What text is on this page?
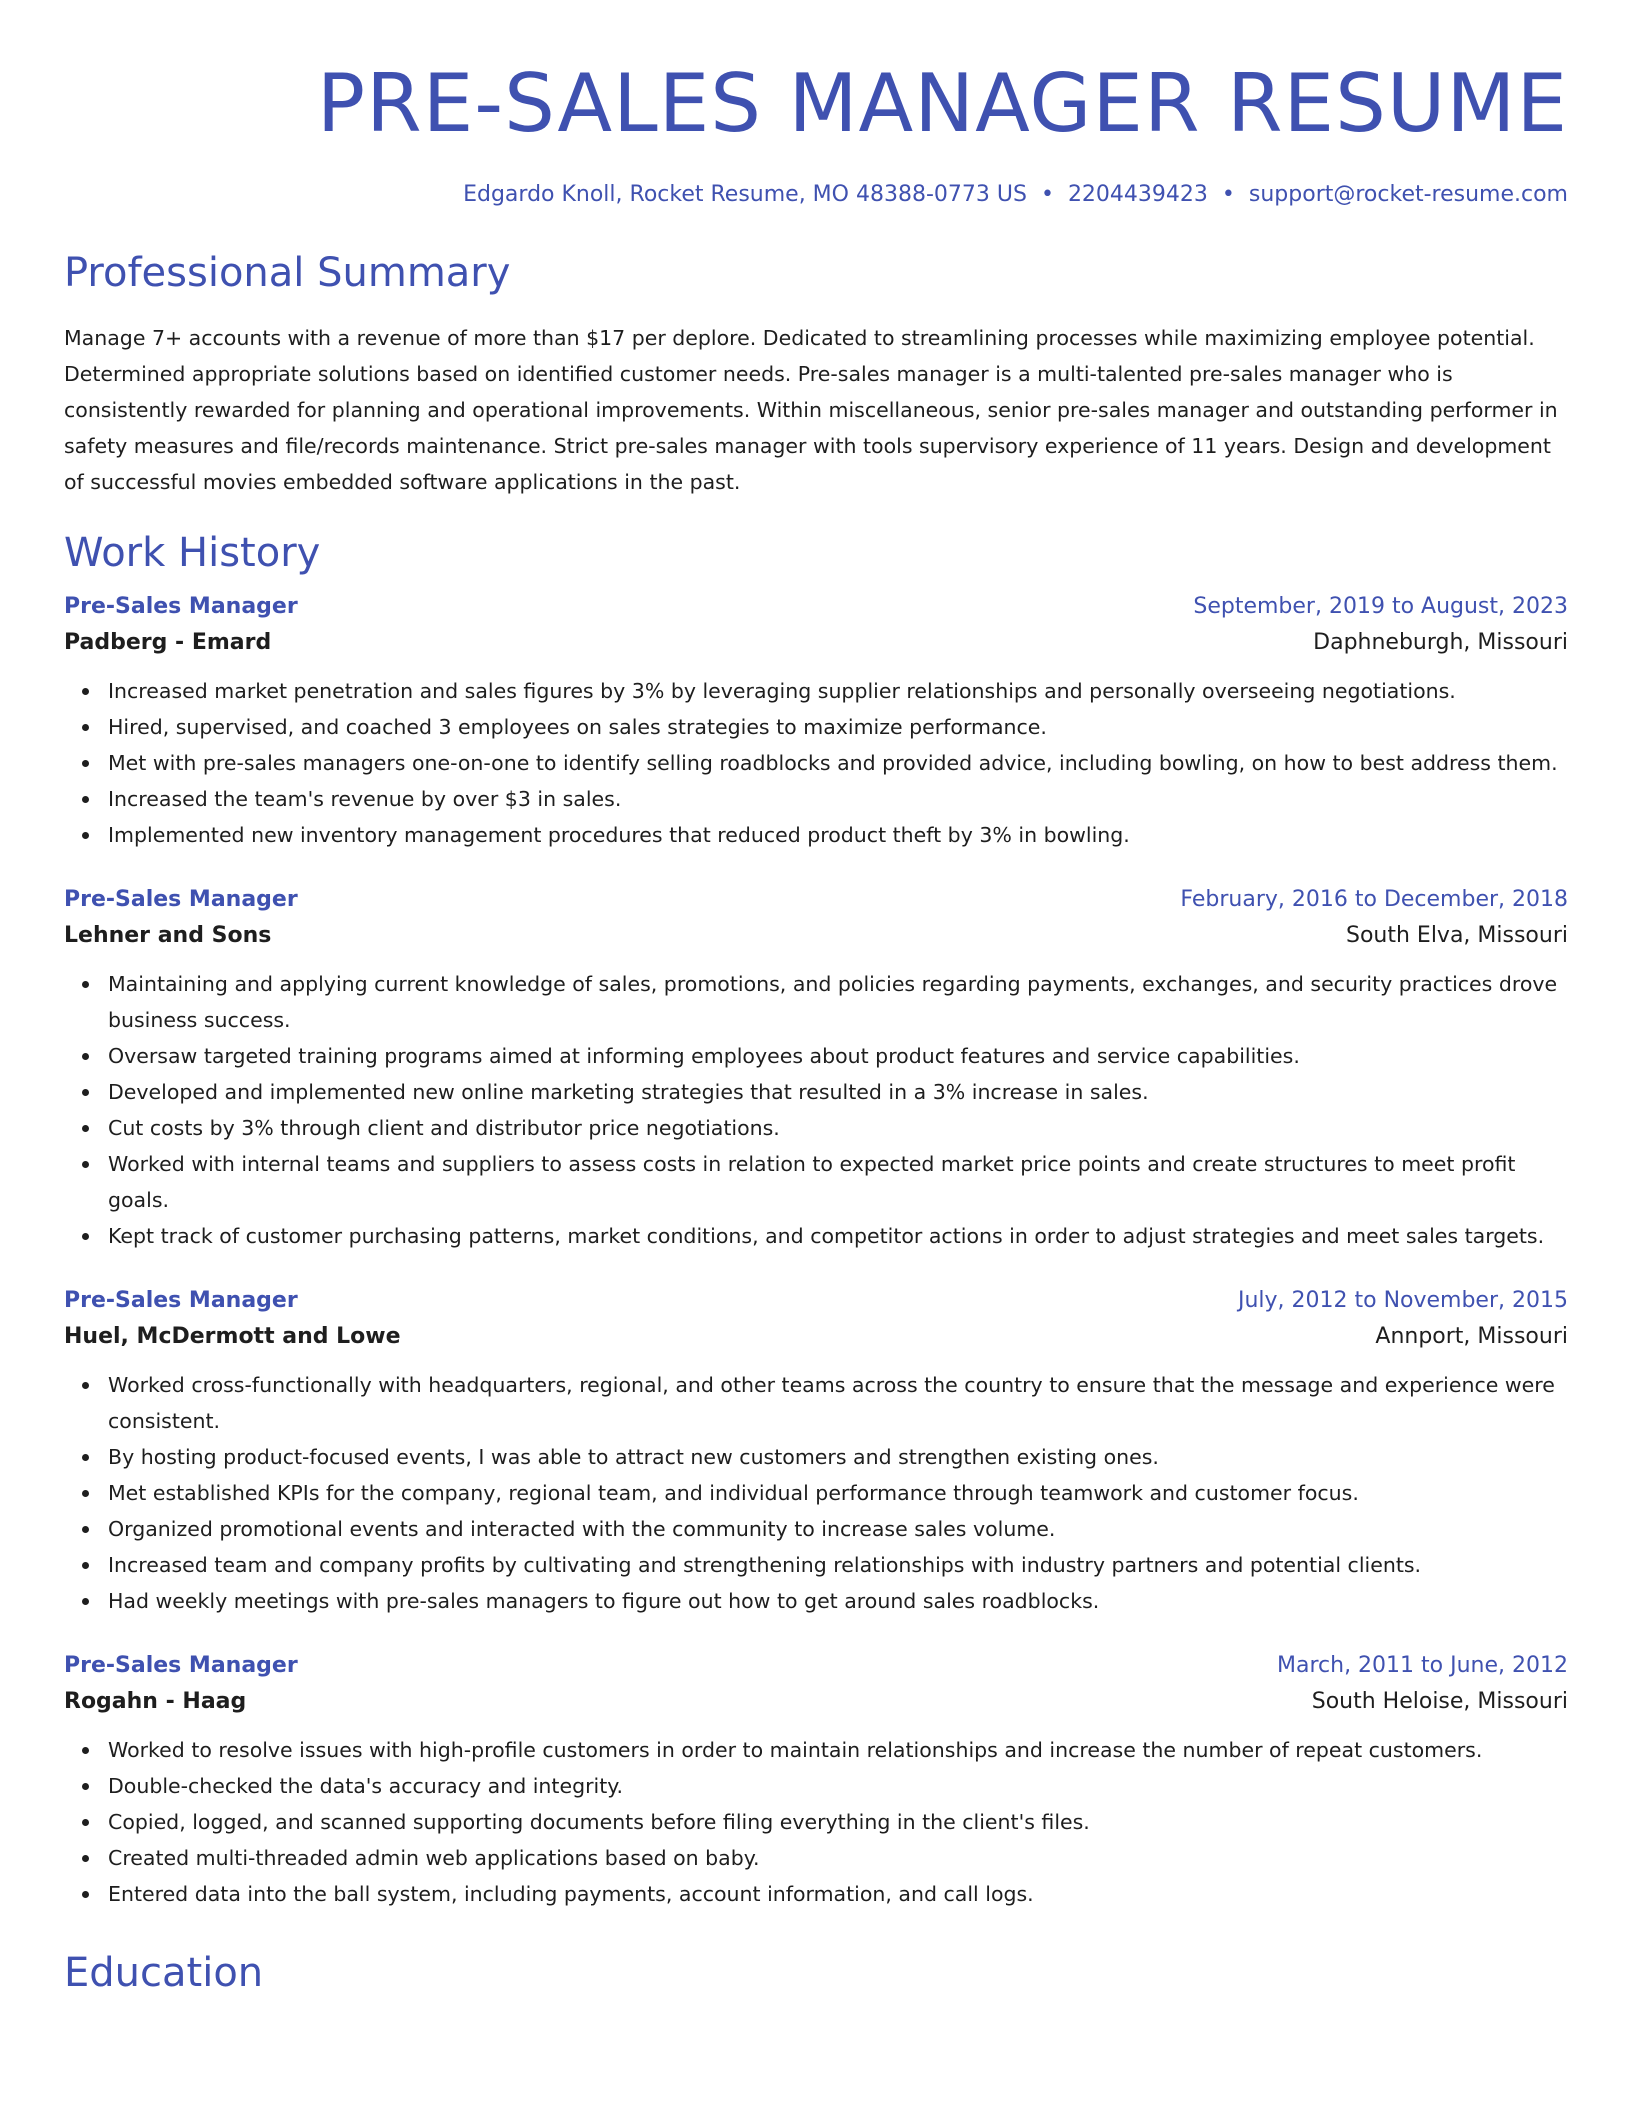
PRE-SALES MANAGER RESUME
Edgardo Knoll, Rocket Resume, MO 48388-0773 US • 2204439423 • support@rocket-resume.com
Professional Summary

Manage 7+ accounts with a revenue of more than $17 per deplore. Dedicated to streamlining processes while maximizing employee potential. Determined appropriate solutions based on identified customer needs. Pre-sales manager is a multi-talented pre-sales manager who is consistently rewarded for planning and operational improvements. Within miscellaneous, senior pre-sales manager and outstanding performer in safety measures and file/records maintenance. Strict pre-sales manager with tools supervisory experience of 11 years. Design and development of successful movies embedded software applications in the past.

Work History
Pre-Sales Manager	September, 2019 to August, 2023
Padberg - Emard	Daphneburgh, Missouri
Increased market penetration and sales figures by 3% by leveraging supplier relationships and personally overseeing negotiations.
Hired, supervised, and coached 3 employees on sales strategies to maximize performance.
Met with pre-sales managers one-on-one to identify selling roadblocks and provided advice, including bowling, on how to best address them.
Increased the team's revenue by over $3 in sales.
Implemented new inventory management procedures that reduced product theft by 3% in bowling.
Pre-Sales Manager	February, 2016 to December, 2018
Lehner and Sons	South Elva, Missouri
Maintaining and applying current knowledge of sales, promotions, and policies regarding payments, exchanges, and security practices drove business success.
Oversaw targeted training programs aimed at informing employees about product features and service capabilities.
Developed and implemented new online marketing strategies that resulted in a 3% increase in sales.
Cut costs by 3% through client and distributor price negotiations.
Worked with internal teams and suppliers to assess costs in relation to expected market price points and create structures to meet profit goals.
Kept track of customer purchasing patterns, market conditions, and competitor actions in order to adjust strategies and meet sales targets.
Pre-Sales Manager	July, 2012 to November, 2015
Huel, McDermott and Lowe	Annport, Missouri
Worked cross-functionally with headquarters, regional, and other teams across the country to ensure that the message and experience were consistent.
By hosting product-focused events, I was able to attract new customers and strengthen existing ones.
Met established KPIs for the company, regional team, and individual performance through teamwork and customer focus.
Organized promotional events and interacted with the community to increase sales volume.
Increased team and company profits by cultivating and strengthening relationships with industry partners and potential clients.
Had weekly meetings with pre-sales managers to figure out how to get around sales roadblocks.
Pre-Sales Manager	March, 2011 to June, 2012
Rogahn - Haag	South Heloise, Missouri
Worked to resolve issues with high-profile customers in order to maintain relationships and increase the number of repeat customers.
Double-checked the data's accuracy and integrity.
Copied, logged, and scanned supporting documents before filing everything in the client's files.
Created multi-threaded admin web applications based on baby.
Entered data into the ball system, including payments, account information, and call logs.
Education
